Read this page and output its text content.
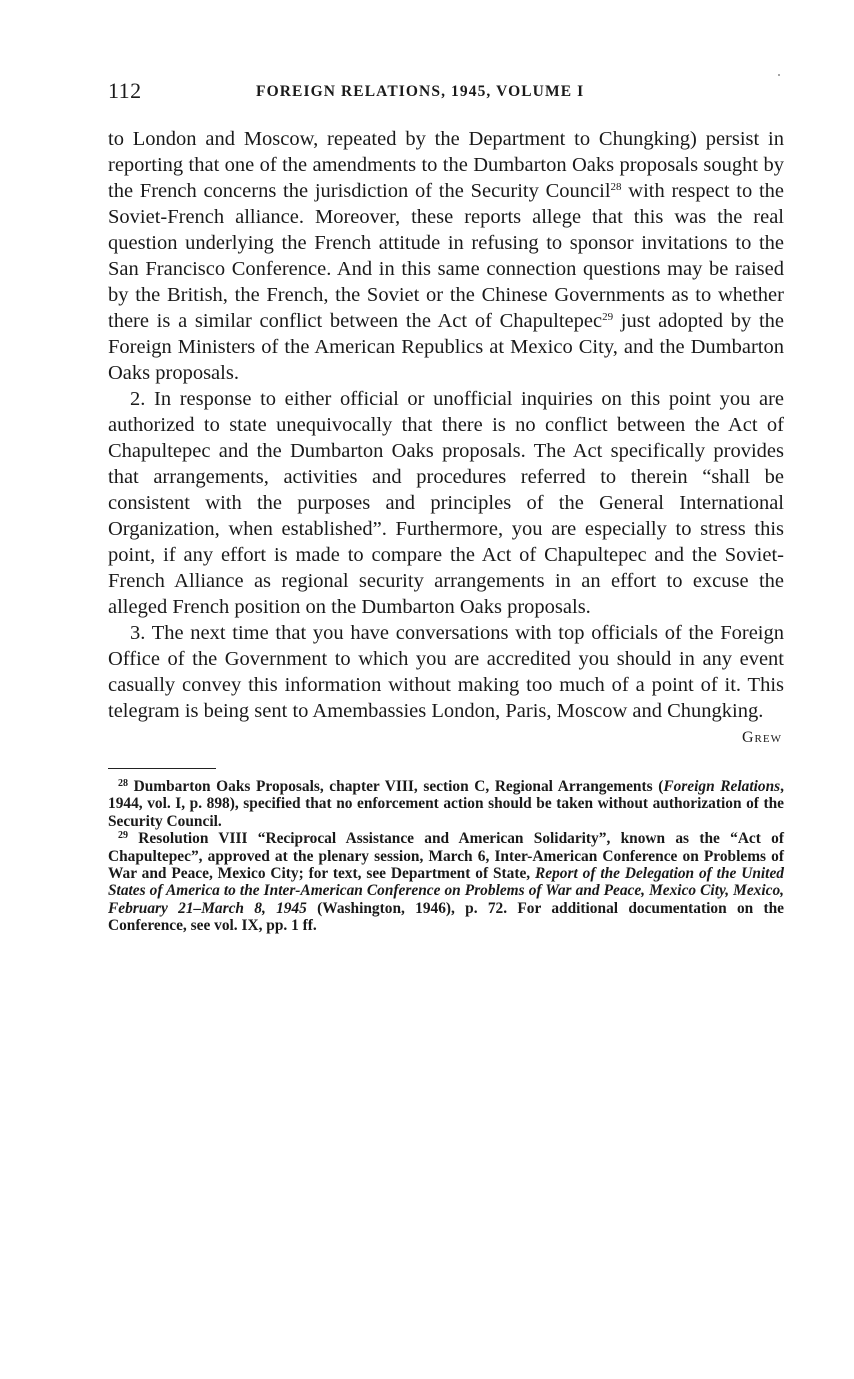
112	FOREIGN RELATIONS, 1945, VOLUME I

to London and Moscow, repeated by the Department to Chungking) persist in reporting that one of the amendments to the Dumbarton Oaks proposals sought by the French concerns the jurisdiction of the Security Council$^{28}$ with respect to the Soviet-French alliance. Moreover, these reports allege that this was the real question underlying the French attitude in refusing to sponsor invitations to the San Francisco Conference. And in this same connection questions may be raised by the British, the French, the Soviet or the Chinese Governments as to whether there is a similar conflict between the Act of Chapultepec$^{29}$ just adopted by the Foreign Ministers of the American Republics at Mexico City, and the Dumbarton Oaks proposals.

2. In response to either official or unofficial inquiries on this point you are authorized to state unequivocally that there is no conflict between the Act of Chapultepec and the Dumbarton Oaks proposals. The Act specifically provides that arrangements, activities and procedures referred to therein “shall be consistent with the purposes and principles of the General International Organization, when established”. Furthermore, you are especially to stress this point, if any effort is made to compare the Act of Chapultepec and the Soviet-French Alliance as regional security arrangements in an effort to excuse the alleged French position on the Dumbarton Oaks proposals.

3. The next time that you have conversations with top officials of the Foreign Office of the Government to which you are accredited you should in any event casually convey this information without making too much of a point of it. This telegram is being sent to Amembassies London, Paris, Moscow and Chungking.

Grew

$^{28}$ Dumbarton Oaks Proposals, chapter VIII, section C, Regional Arrangements (Foreign Relations, 1944, vol. I, p. 898), specified that no enforcement action should be taken without authorization of the Security Council.

$^{29}$ Resolution VIII “Reciprocal Assistance and American Solidarity”, known as the “Act of Chapultepec”, approved at the plenary session, March 6, Inter-American Conference on Problems of War and Peace, Mexico City; for text, see Department of State, Report of the Delegation of the United States of America to the Inter-American Conference on Problems of War and Peace, Mexico City, Mexico, February 21–March 8, 1945 (Washington, 1946), p. 72. For additional documentation on the Conference, see vol. IX, pp. 1 ff.
